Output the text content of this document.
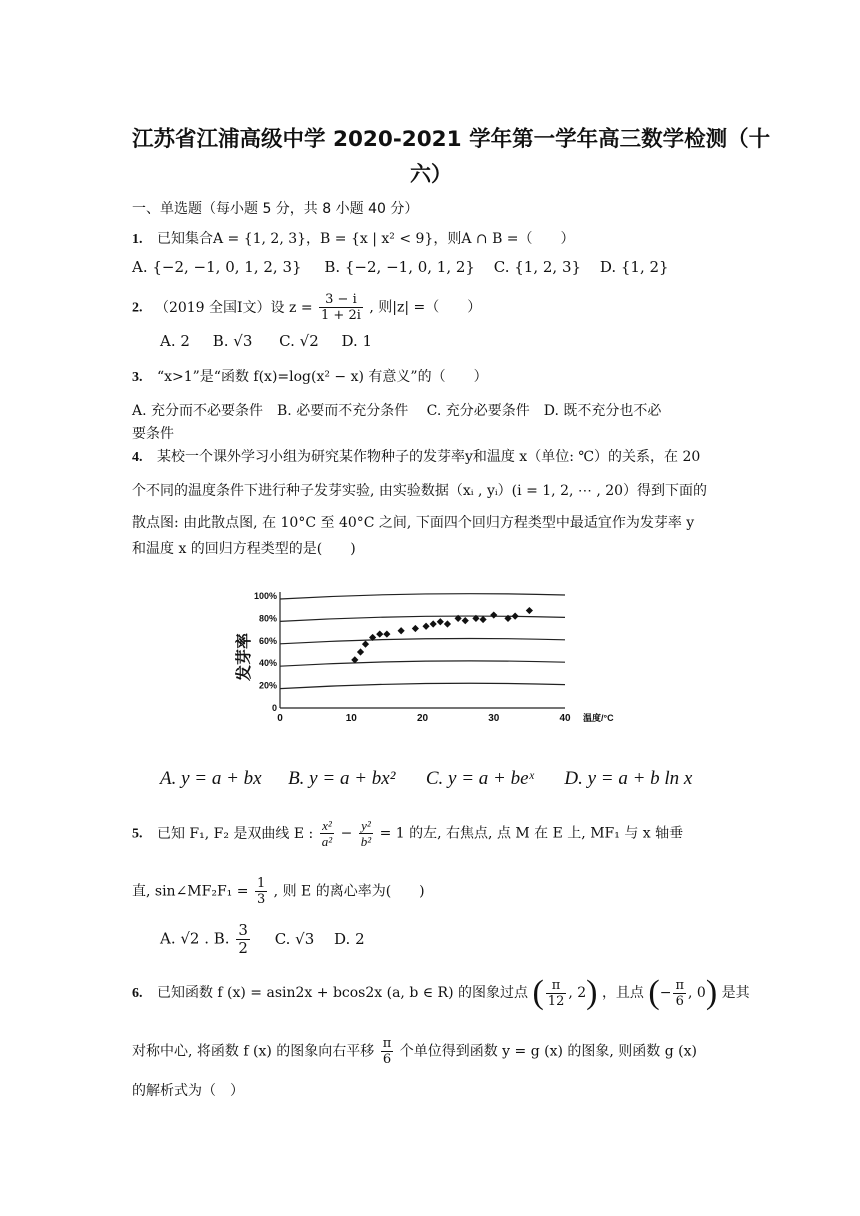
江苏省江浦高级中学 2020-2021 学年第一学年高三数学检测（十
六）
一、单选题（每小题 5 分，共 8 小题 40 分）
1. 已知集合A = {1, 2, 3}，B = {x | x² < 9}，则A ∩ B =（　　）
A. {−2, −1, 0, 1, 2, 3} B. {−2, −1, 0, 1, 2} C. {1, 2, 3} D. {1, 2}
2. （2019 全国Ⅰ文）设 $z = \frac{3 - i}{1 + 2i}$ , 则|z| =（　　）
A. 2 B. √3 C. √2 D. 1
3. “x>1”是“函数 f(x)=log(x² − x) 有意义”的（　　）
A. 充分而不必要条件　B. 必要而不充分条件　 C. 充分必要条件　D. 既不充分也不必
要条件
4. 某校一个课外学习小组为研究某作物种子的发芽率y和温度 x（单位: ℃）的关系，在 20
个不同的温度条件下进行种子发芽实验, 由实验数据（xᵢ , yᵢ）(i = 1, 2, ⋯ , 20）得到下面的
散点图: 由此散点图, 在 10°C 至 40°C 之间, 下面四个回归方程类型中最适宜作为发芽率 y
和温度 x 的回归方程类型的是(　　)
0
20%
40%
60%
80%
100%
0	10	20	30	40 温度/°C
发芽率
A. y = a + bx B. y = a + bx² C. y = a + beˣ D. y = a + b ln x
5. 已知 F₁, F₂ 是双曲线 E : $\frac{\text{x²}}{\text{a²}} - \frac{\text{y²}}{\text{b²}} = 1$ 的左, 右焦点, 点 M 在 E 上, MF₁ 与 x 轴垂
直, sin∠MF₂F₁ = $\frac{1}{3}$ , 则 E 的离心率为(　　)
A. √2 . B. $\frac{3}{2} C$. √3　 D. 2
6. 已知函数 f (x) = asin2x + bcos2x (a, b ∈ R) 的图象过点 ( $\frac{\pi}{12}$ , 2) ，且点 (− $\frac{\pi}{6}$ , 0) 是其
对称中心, 将函数 f (x) 的图象向右平移 $\frac{\pi}{6}$ 个单位得到函数 y = g (x) 的图象, 则函数 g (x)
的解析式为（　）
